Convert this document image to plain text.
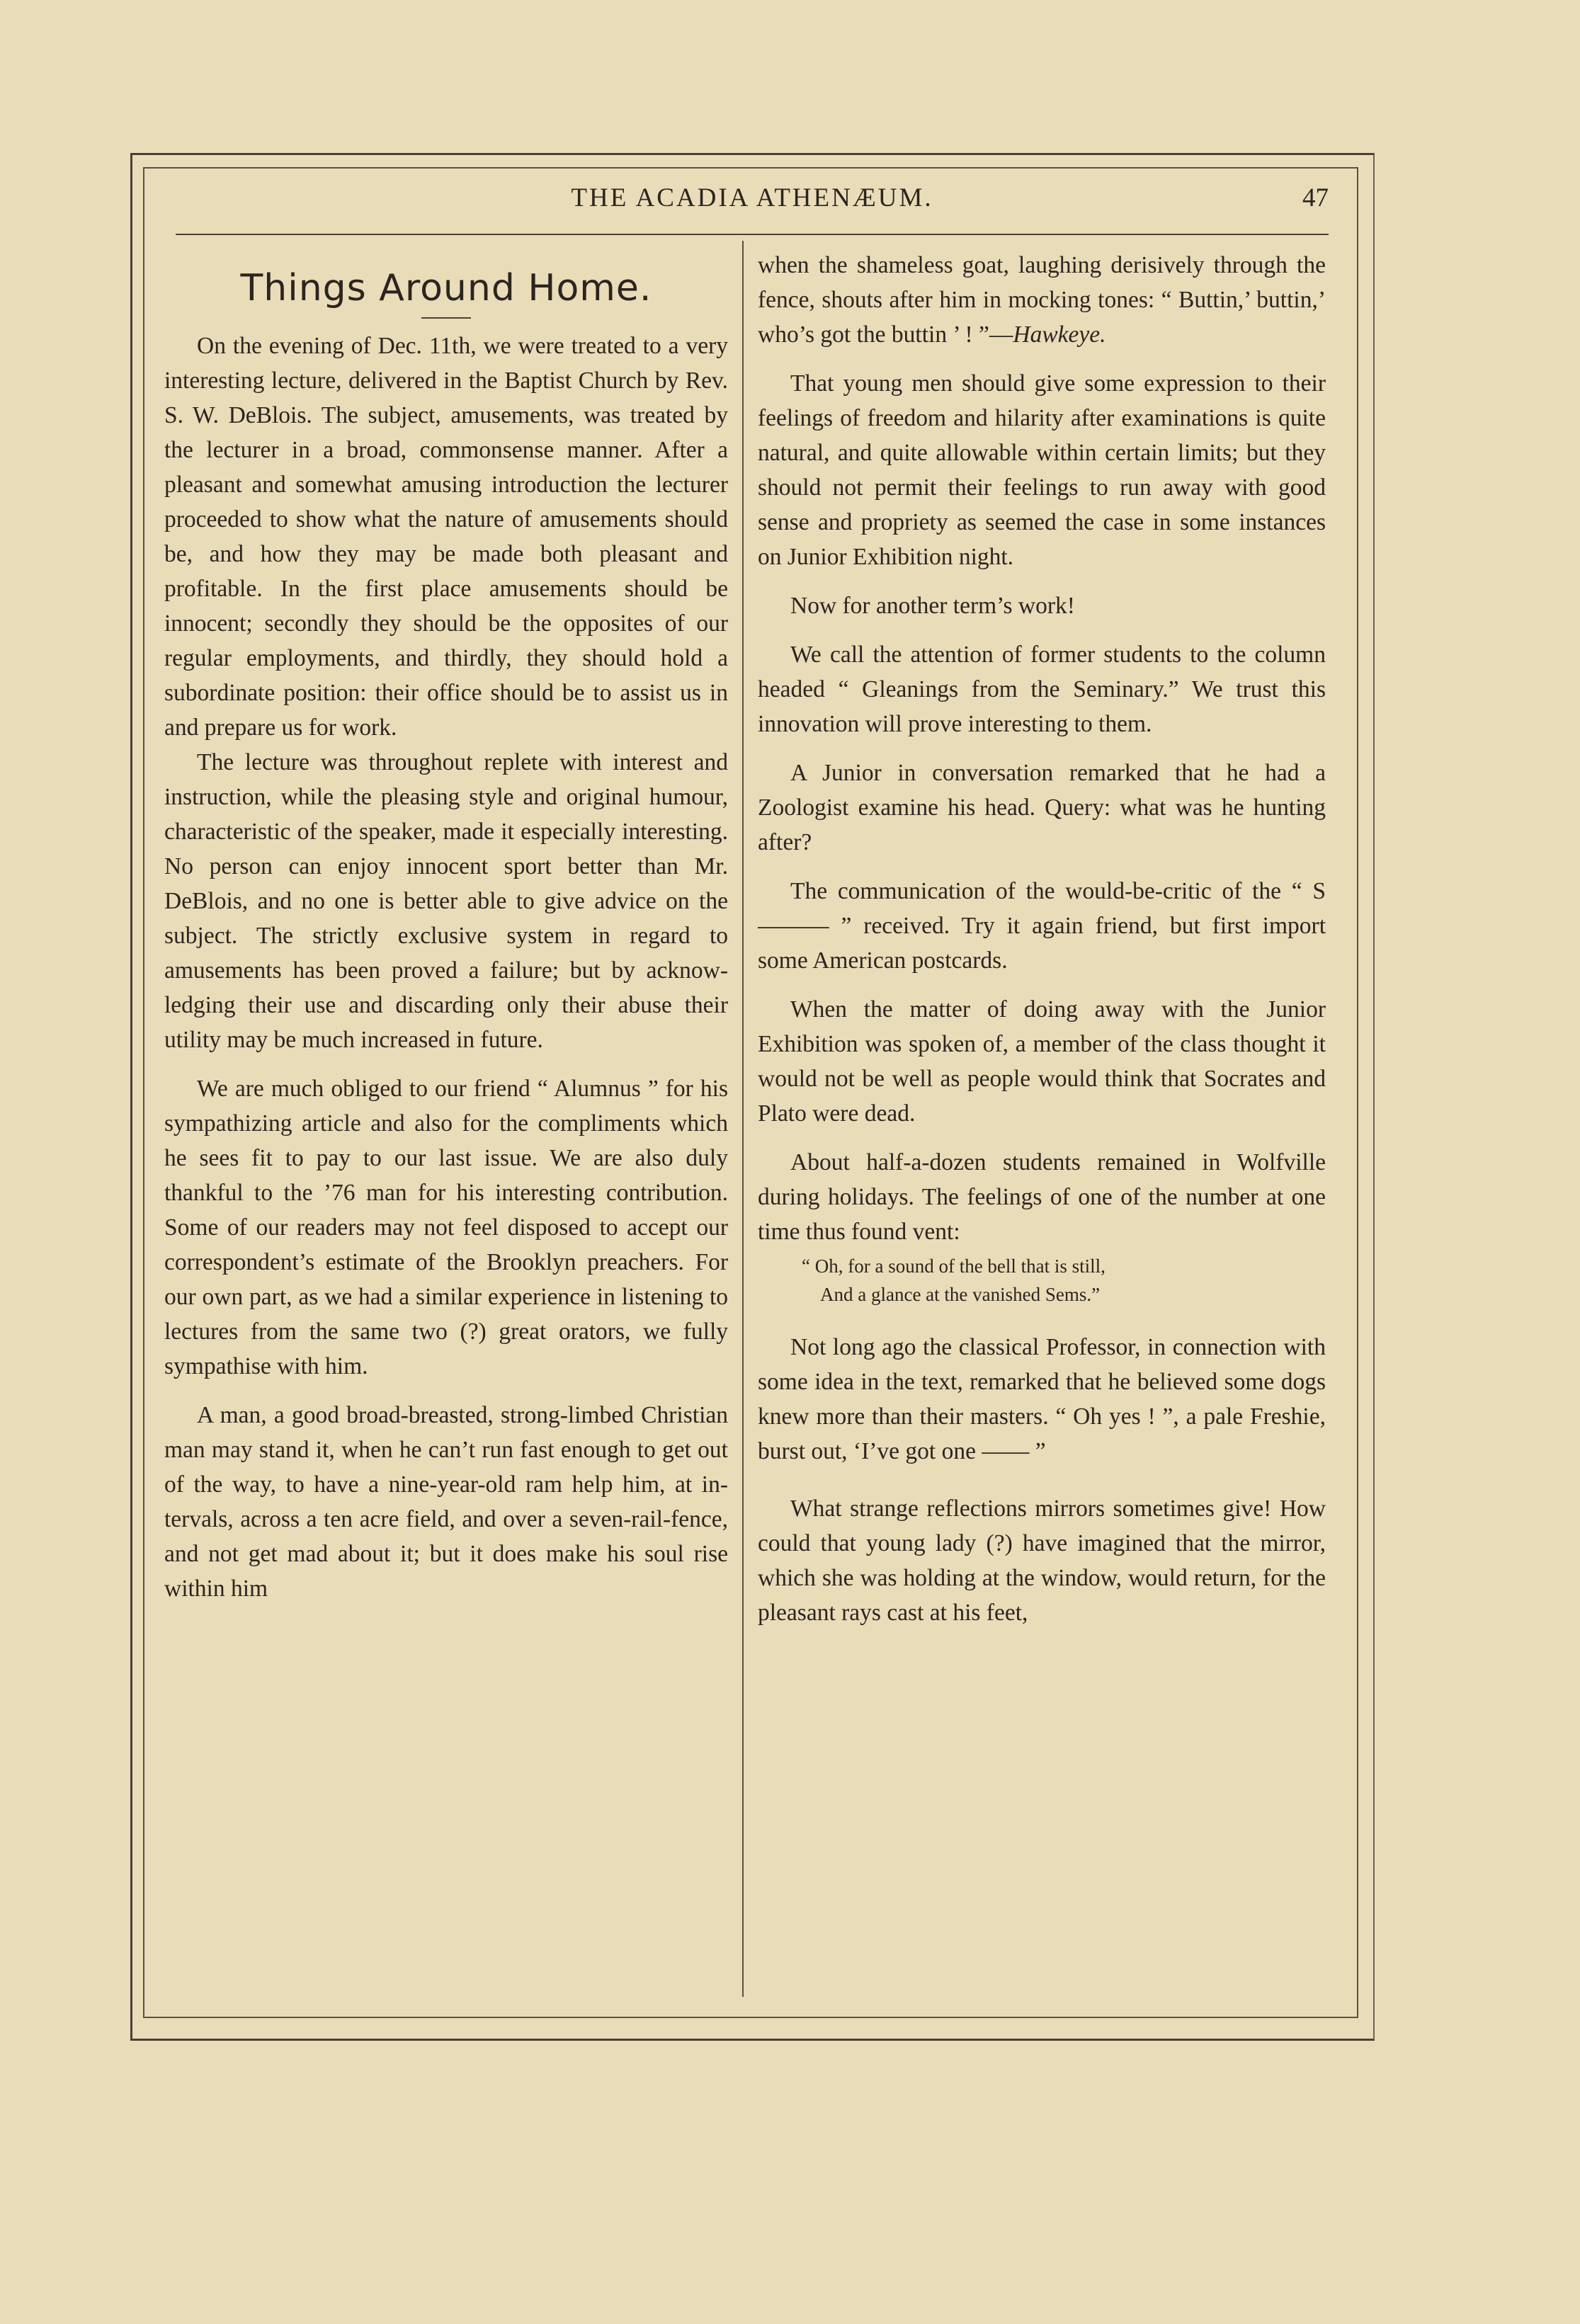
THE ACADIA ATHENÆUM.	47
Things Around Home.

On the evening of Dec. 11th, we were treated to a very interesting lecture, delivered in the Baptist Church by Rev. S. W. DeBlois. The subject, amusements, was treated by the lecturer in a broad, commonsense manner. After a pleasant and somewhat amusing introduction the lecturer proceeded to show what the nature of amusements should be, and how they may be made both pleasant and profitable. In the first place amusements should be innocent; secondly they should be the opposites of our regular employments, and thirdly, they should hold a subordinate position: their office should be to assist us in and prepare us for work.

The lecture was throughout replete with interest and instruction, while the pleasing style and original humour, characteristic of the speaker, made it especially interesting. No person can enjoy innocent sport better than Mr. DeBlois, and no one is better able to give advice on the subject. The strictly exclusive system in regard to amusements has been proved a failure; but by acknowledging their use and discarding only their abuse their utility may be much increased in future.

We are much obliged to our friend “ Alumnus ” for his sympathizing article and also for the compliments which he sees fit to pay to our last issue. We are also duly thankful to the ’76 man for his interesting contribution. Some of our readers may not feel disposed to accept our correspondent’s estimate of the Brooklyn preachers. For our own part, as we had a similar experience in listening to lectures from the same two (?) great orators, we fully sympathise with him.

A man, a good broad-breasted, strong-limbed Christian man may stand it, when he can’t run fast enough to get out of the way, to have a nine-year-old ram help him, at intervals, across a ten acre field, and over a seven-rail-fence, and not get mad about it; but it does make his soul rise within him

when the shameless goat, laughing derisively through the fence, shouts after him in mocking tones: “ Buttin,’ buttin,’ who’s got the buttin ’ ! ”—Hawkeye.

That young men should give some expression to their feelings of freedom and hilarity after examinations is quite natural, and quite allowable within certain limits; but they should not permit their feelings to run away with good sense and propriety as seemed the case in some instances on Junior Exhibition night.

Now for another term’s work!

We call the attention of former students to the column headed “ Gleanings from the Seminary.” We trust this innovation will prove interesting to them.

A Junior in conversation remarked that he had a Zoologist examine his head. Query: what was he hunting after?

The communication of the would-be-critic of the “ S——— ” received. Try it again friend, but first import some American postcards.

When the matter of doing away with the Junior Exhibition was spoken of, a member of the class thought it would not be well as people would think that Socrates and Plato were dead.

About half-a-dozen students remained in Wolfville during holidays. The feelings of one of the number at one time thus found vent:

“ Oh, for a sound of the bell that is still,
And a glance at the vanished Sems.”

Not long ago the classical Professor, in connection with some idea in the text, remarked that he believed some dogs knew more than their masters. “ Oh yes ! ”, a pale Freshie, burst out, ‘I’ve got one —— ”

What strange reflections mirrors sometimes give! How could that young lady (?) have imagined that the mirror, which she was holding at the window, would return, for the pleasant rays cast at his feet,
